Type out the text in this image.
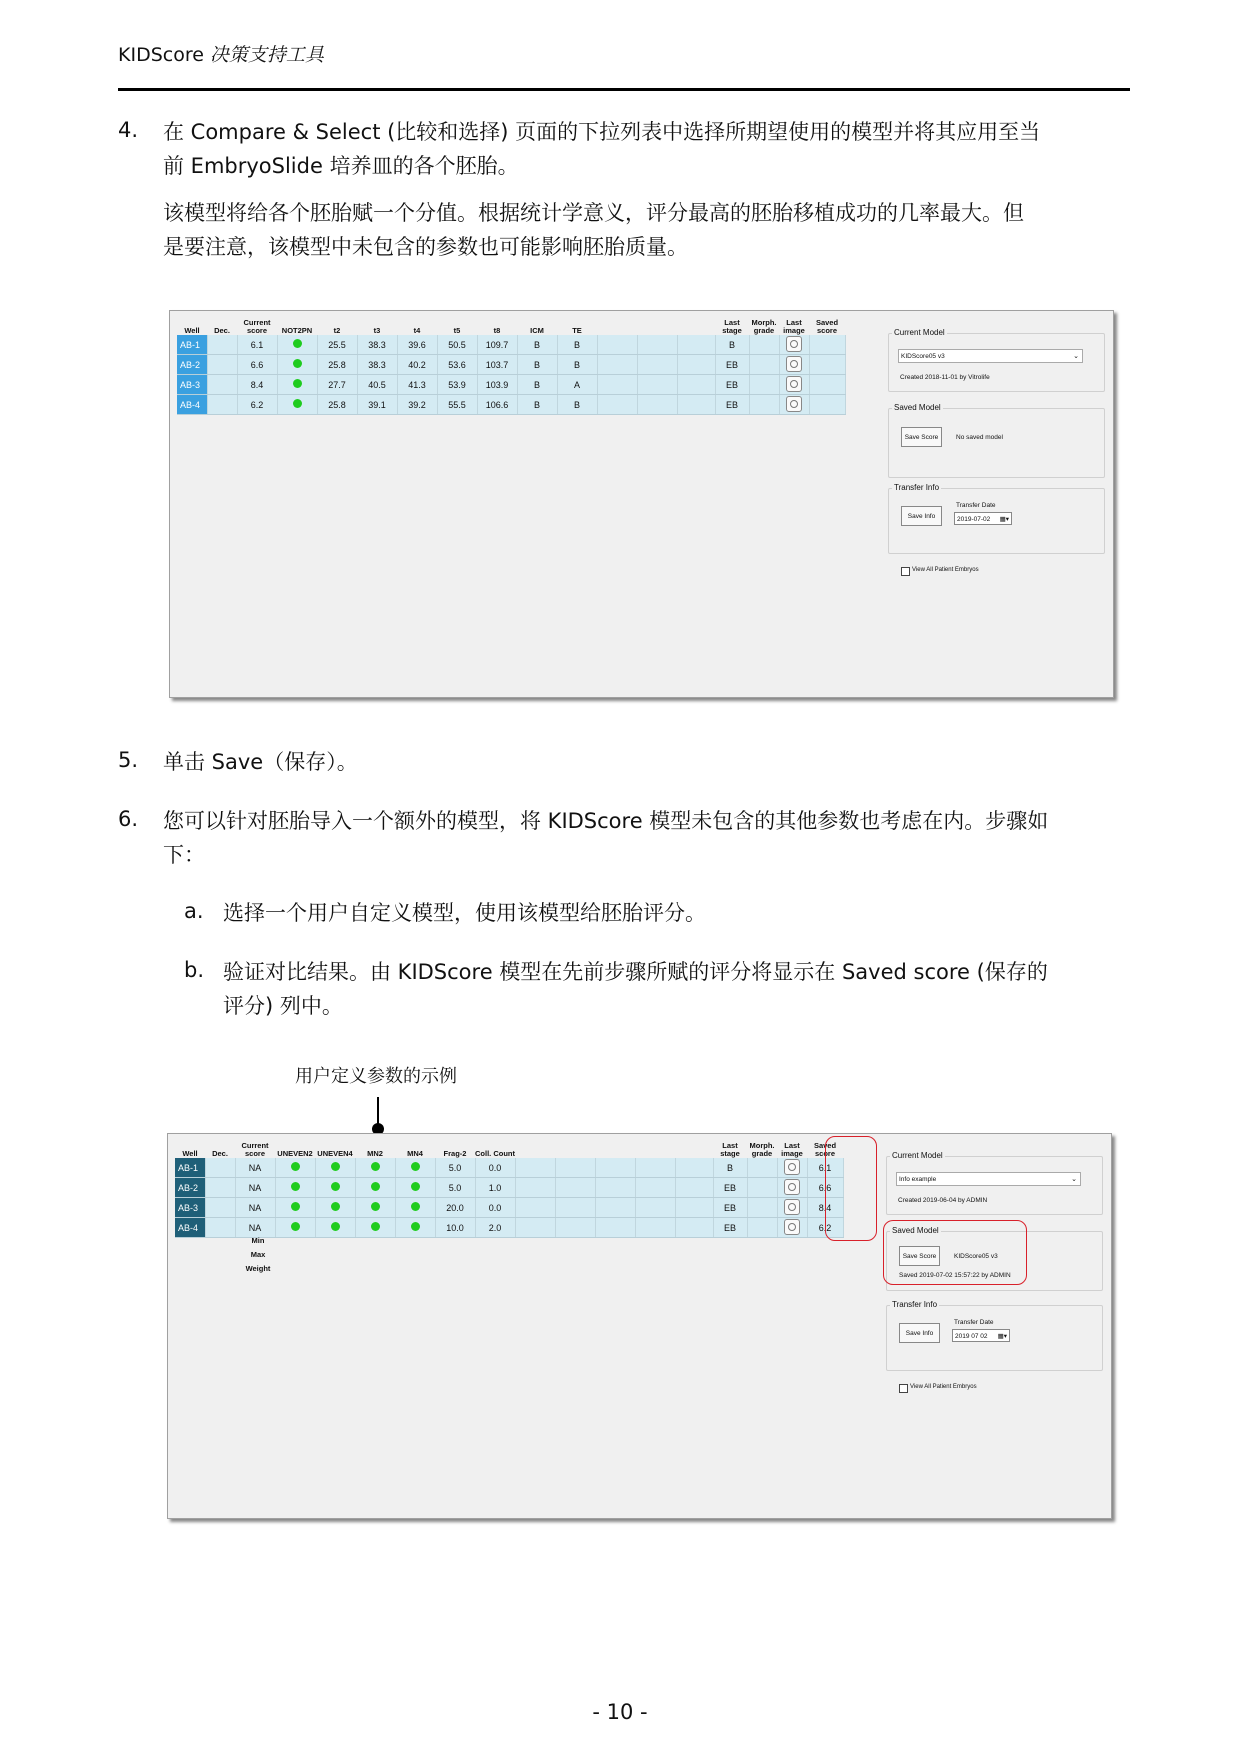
KIDScore 决策支持工具
4. 在 Compare & Select (比较和选择) 页面的下拉列表中选择所期望使用的模型并将其应用至当
前 EmbryoSlide 培养皿的各个胚胎。
该模型将给各个胚胎赋一个分值。根据统计学意义，评分最高的胚胎移植成功的几率最大。但
是要注意，该模型中未包含的参数也可能影响胚胎质量。
Well	Dec.	Current score	NOT2PN	t2	t3	t4	t5	t8	ICM	TE				Last stage	Morph. grade	Last image	Saved score
AB-1		6.1		25.5	38.3	39.6	50.5	109.7	B	B				B			
AB-2		6.6		25.8	38.3	40.2	53.6	103.7	B	B				EB			
AB-3		8.4		27.7	40.5	41.3	53.9	103.9	B	A				EB			
AB-4		6.2		25.8	39.1	39.2	55.5	106.6	B	B				EB			
Current Model
KIDScore05 v3	⌄
Created 2018-11-01 by Vitrolife
Saved Model
Save Score	No saved model
Transfer Info
Save Info
Transfer Date
2019-07-02 ▦▾
View All Patient Embryos
5. 单击 Save（保存）。
6. 您可以针对胚胎导入一个额外的模型，将 KIDScore 模型未包含的其他参数也考虑在内。步骤如
下：
a. 选择一个用户自定义模型，使用该模型给胚胎评分。
b. 验证对比结果。由 KIDScore 模型在先前步骤所赋的评分将显示在 Saved score (保存的
评分) 列中。
用户定义参数的示例
Well	Dec.	Current score	UNEVEN2	UNEVEN4	MN2	MN4	Frag-2	Coll. Count						Last stage	Morph. grade	Last image	Saved score
AB-1		NA					5.0	0.0						B			6.1
AB-2		NA					5.0	1.0						EB			6.6
AB-3		NA					20.0	0.0						EB			8.4
AB-4		NA					10.0	2.0						EB			6.2
Min
Max
Weight
Current Model
Info example	⌄
Created 2019-06-04 by ADMIN
Saved Model
Save Score	KIDScore05 v3
Saved 2019-07-02 15:57:22 by ADMIN
Transfer Info
Save Info
Transfer Date
2019 07 02 ▦▾
View All Patient Embryos
- 10 -
